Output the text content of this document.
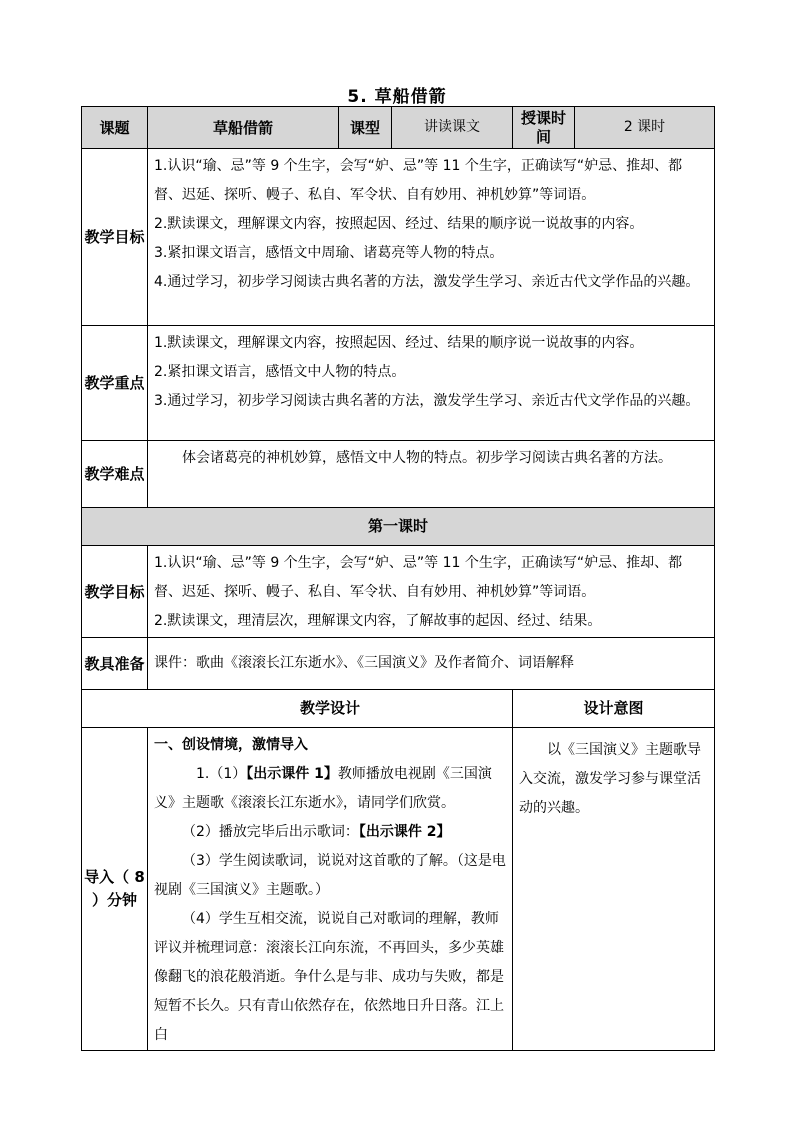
5. 草船借箭
课题	草船借箭	课型	讲读课文	授课时间	2 课时
教学目标	1.认识“瑜、忌”等 9 个生字，会写“妒、忌”等 11 个生字，正确读写“妒忌、推却、都督、迟延、探听、幔子、私自、军令状、自有妙用、神机妙算”等词语。
2.默读课文，理解课文内容，按照起因、经过、结果的顺序说一说故事的内容。
3.紧扣课文语言，感悟文中周瑜、诸葛亮等人物的特点。
4.通过学习，初步学习阅读古典名著的方法，激发学生学习、亲近古代文学作品的兴趣。				

教学重点	1.默读课文，理解课文内容，按照起因、经过、结果的顺序说一说故事的内容。
2.紧扣课文语言，感悟文中人物的特点。
3.通过学习，初步学习阅读古典名著的方法，激发学生学习、亲近古代文学作品的兴趣。				

教学难点	体会诸葛亮的神机妙算，感悟文中人物的特点。初步学习阅读古典名著的方法。				
第一课时					
教学目标	1.认识“瑜、忌”等 9 个生字，会写“妒、忌”等 11 个生字，正确读写“妒忌、推却、都督、迟延、探听、幔子、私自、军令状、自有妙用、神机妙算”等词语。
2.默读课文，理清层次，理解课文内容，了解故事的起因、经过、结果。				

教具准备	课件：歌曲《滚滚长江东逝水》、《三国演义》及作者简介、词语解释				
教学设计				设计意图	
导入（ 8 ）分钟	一、创设情境，激情导入
1.（1）【出示课件 1】教师播放电视剧《三国演义》主题歌《滚滚长江东逝水》，请同学们欣赏。
（2）播放完毕后出示歌词：【出示课件 2】
（3）学生阅读歌词，说说对这首歌的了解。（这是电视剧《三国演义》主题歌。）
（4）学生互相交流，说说自己对歌词的理解，教师评议并梳理词意：滚滚长江向东流，不再回头，多少英雄像翻飞的浪花般消逝。争什么是与非、成功与失败，都是短暂不长久。只有青山依然存在，依然地日升日落。江上白			以《三国演义》主题歌导入交流，激发学习参与课堂活动的兴趣。	
